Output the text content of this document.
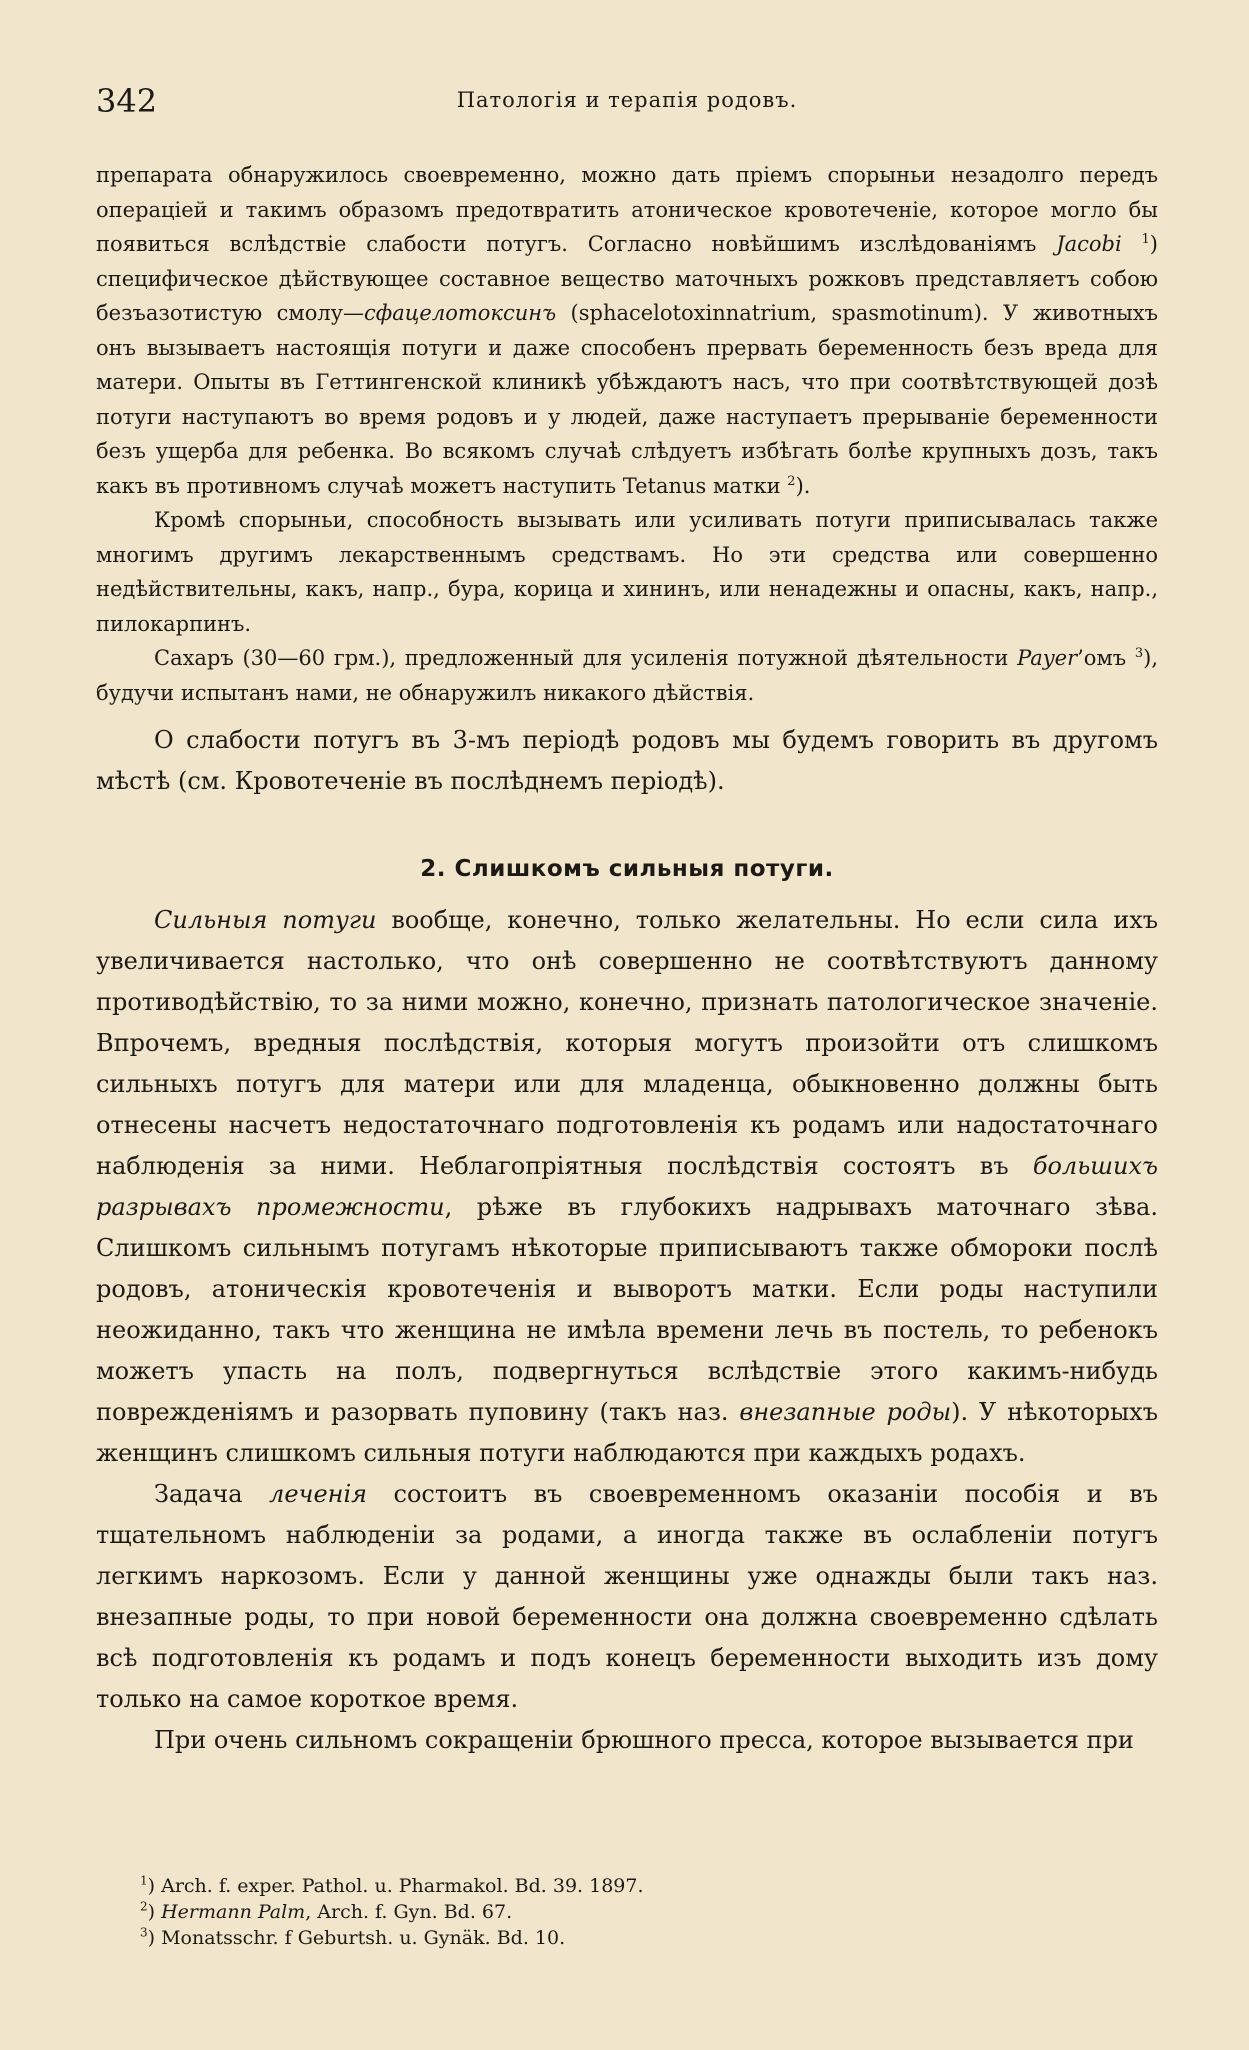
342	Патологія и терапія родовъ.

препарата обнаружилось своевременно, можно дать пріемъ спорыньи незадолго передъ операціей и такимъ образомъ предотвратить атоническое кровотеченіе, которое могло бы появиться вслѣдствіе слабости потугъ. Согласно новѣйшимъ изслѣдованіямъ Jacobi $^1$) специфическое дѣйствующее составное вещество маточныхъ рожковъ представляетъ собою безъазотистую смолу—сфацелотоксинъ (sphacelotoxinnatrium, spasmotinum). У животныхъ онъ вызываетъ настоящія потуги и даже способенъ прервать беременность безъ вреда для матери. Опыты въ Геттингенской клиникѣ убѣждаютъ насъ, что при соотвѣтствующей дозѣ потуги наступаютъ во время родовъ и у людей, даже наступаетъ прерываніе беременности безъ ущерба для ребенка. Во всякомъ случаѣ слѣдуетъ избѣгать болѣе крупныхъ дозъ, такъ какъ въ противномъ случаѣ можетъ наступить Tetanus матки $^2$).

Кромѣ спорыньи, способность вызывать или усиливать потуги приписывалась также многимъ другимъ лекарственнымъ средствамъ. Но эти средства или совершенно недѣйствительны, какъ, напр., бура, корица и хининъ, или ненадежны и опасны, какъ, напр., пилокарпинъ.

Сахаръ (30—60 грм.), предложенный для усиленія потужной дѣятельности Payer’омъ $^3$), будучи испытанъ нами, не обнаружилъ никакого дѣйствія.

О слабости потугъ въ 3-мъ періодѣ родовъ мы будемъ говорить въ другомъ мѣстѣ (см. Кровотеченіе въ послѣднемъ періодѣ).

2. Слишкомъ сильныя потуги.

Сильныя потуги вообще, конечно, только желательны. Но если сила ихъ увеличивается настолько, что онѣ совершенно не соотвѣтствуютъ данному противодѣйствію, то за ними можно, конечно, признать патологическое значеніе. Впрочемъ, вредныя послѣдствія, которыя могутъ произойти отъ слишкомъ сильныхъ потугъ для матери или для младенца, обыкновенно должны быть отнесены насчетъ недостаточнаго подготовленія къ родамъ или надостаточнаго наблюденія за ними. Неблагопріятныя послѣдствія состоятъ въ большихъ разрывахъ промежности, рѣже въ глубокихъ надрывахъ маточнаго зѣва. Слишкомъ сильнымъ потугамъ нѣкоторые приписываютъ также обмороки послѣ родовъ, атоническія кровотеченія и выворотъ матки. Если роды наступили неожиданно, такъ что женщина не имѣла времени лечь въ постель, то ребенокъ можетъ упасть на полъ, подвергнуться вслѣдствіе этого какимъ-нибудь поврежденіямъ и разорвать пуповину (такъ наз. внезапные роды). У нѣкоторыхъ женщинъ слишкомъ сильныя потуги наблюдаются при каждыхъ родахъ.

Задача леченія состоитъ въ своевременномъ оказаніи пособія и въ тщательномъ наблюденіи за родами, а иногда также въ ослабленіи потугъ легкимъ наркозомъ. Если у данной женщины уже однажды были такъ наз. внезапные роды, то при новой беременности она должна своевременно сдѣлать всѣ подготовленія къ родамъ и подъ конецъ беременности выходить изъ дому только на самое короткое время.

При очень сильномъ сокращеніи брюшного пресса, которое вызывается при

$^1$) Arch. f. exper. Pathol. u. Pharmakol. Bd. 39. 1897.

$^2$) Hermann Palm, Arch. f. Gyn. Bd. 67.

$^3$) Monatsschr. f Geburtsh. u. Gynäk. Bd. 10.
